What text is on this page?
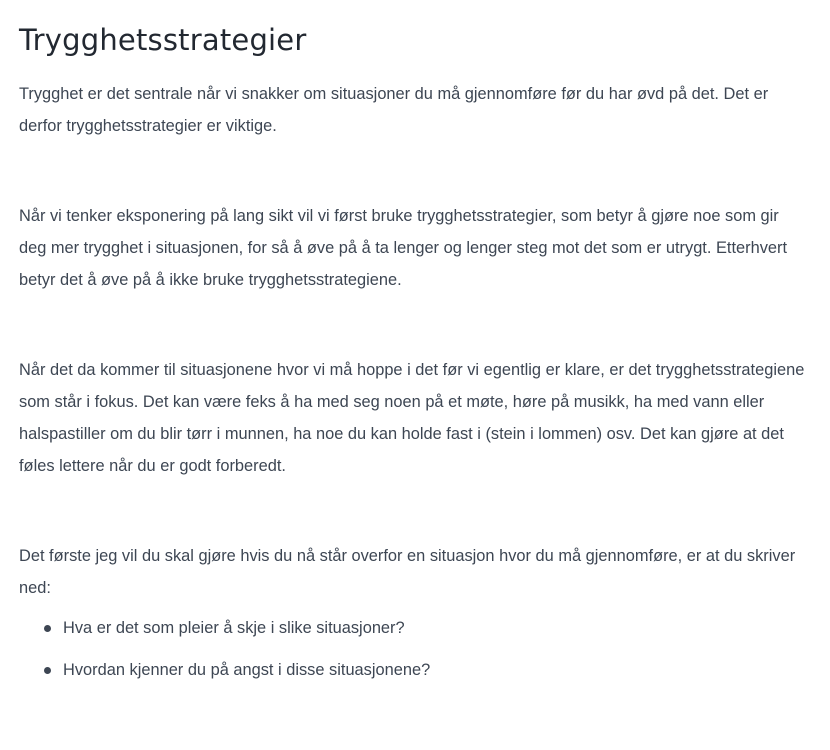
Trygghetsstrategier

Trygghet er det sentrale når vi snakker om situasjoner du må gjennomføre før du har øvd på det. Det er derfor trygghetsstrategier er viktige.

Når vi tenker eksponering på lang sikt vil vi først bruke trygghetsstrategier, som betyr å gjøre noe som gir deg mer trygghet i situasjonen, for så å øve på å ta lenger og lenger steg mot det som er utrygt. Etterhvert betyr det å øve på å ikke bruke trygghetsstrategiene.

Når det da kommer til situasjonene hvor vi må hoppe i det før vi egentlig er klare, er det trygghetsstrategiene som står i fokus. Det kan være feks å ha med seg noen på et møte, høre på musikk, ha med vann eller halspastiller om du blir tørr i munnen, ha noe du kan holde fast i (stein i lommen) osv. Det kan gjøre at det føles lettere når du er godt forberedt.

Det første jeg vil du skal gjøre hvis du nå står overfor en situasjon hvor du må gjennomføre, er at du skriver ned:

Hva er det som pleier å skje i slike situasjoner?
Hvordan kjenner du på angst i disse situasjonene?
